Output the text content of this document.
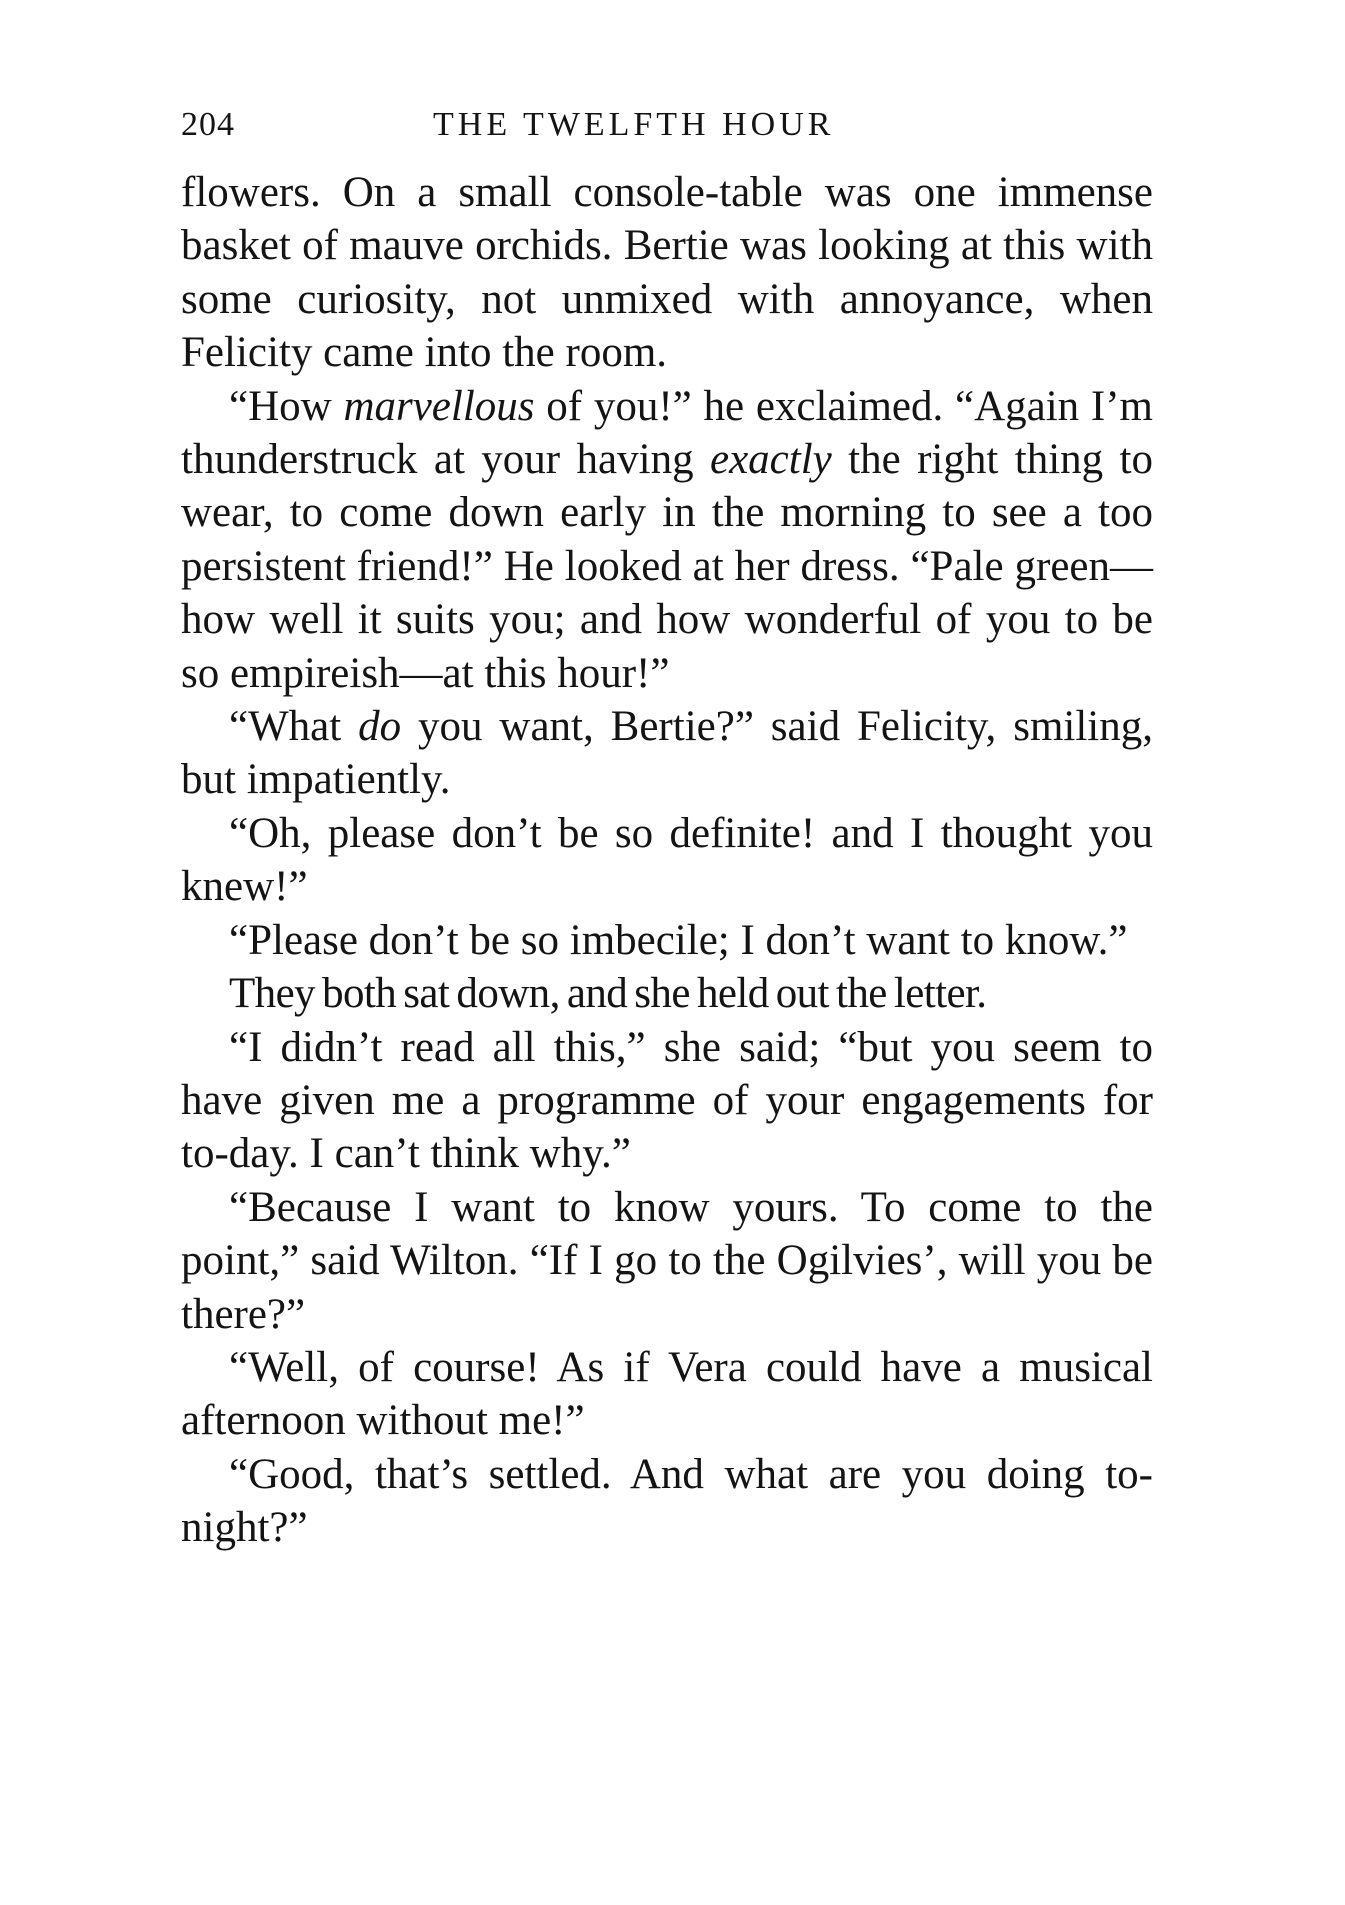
204	THE TWELFTH HOUR

flowers. On a small console-table was one immense basket of mauve orchids. Bertie was looking at this with some curiosity, not unmixed with annoyance, when Felicity came into the room.

“How marvellous of you!” he exclaimed. “Again I’m thunderstruck at your having exactly the right thing to wear, to come down early in the morning to see a too persistent friend!” He looked at her dress. “Pale green—how well it suits you; and how wonderful of you to be so empireish—at this hour!”

“What do you want, Bertie?” said Felicity, smiling, but impatiently.

“Oh, please don’t be so definite! and I thought you knew!”

“Please don’t be so imbecile; I don’t want to know.”

They both sat down, and she held out the letter.

“I didn’t read all this,” she said; “but you seem to have given me a programme of your engagements for to-day. I can’t think why.”

“Because I want to know yours. To come to the point,” said Wilton. “If I go to the Ogilvies’, will you be there?”

“Well, of course! As if Vera could have a musical afternoon without me!”

“Good, that’s settled. And what are you doing to-night?”
